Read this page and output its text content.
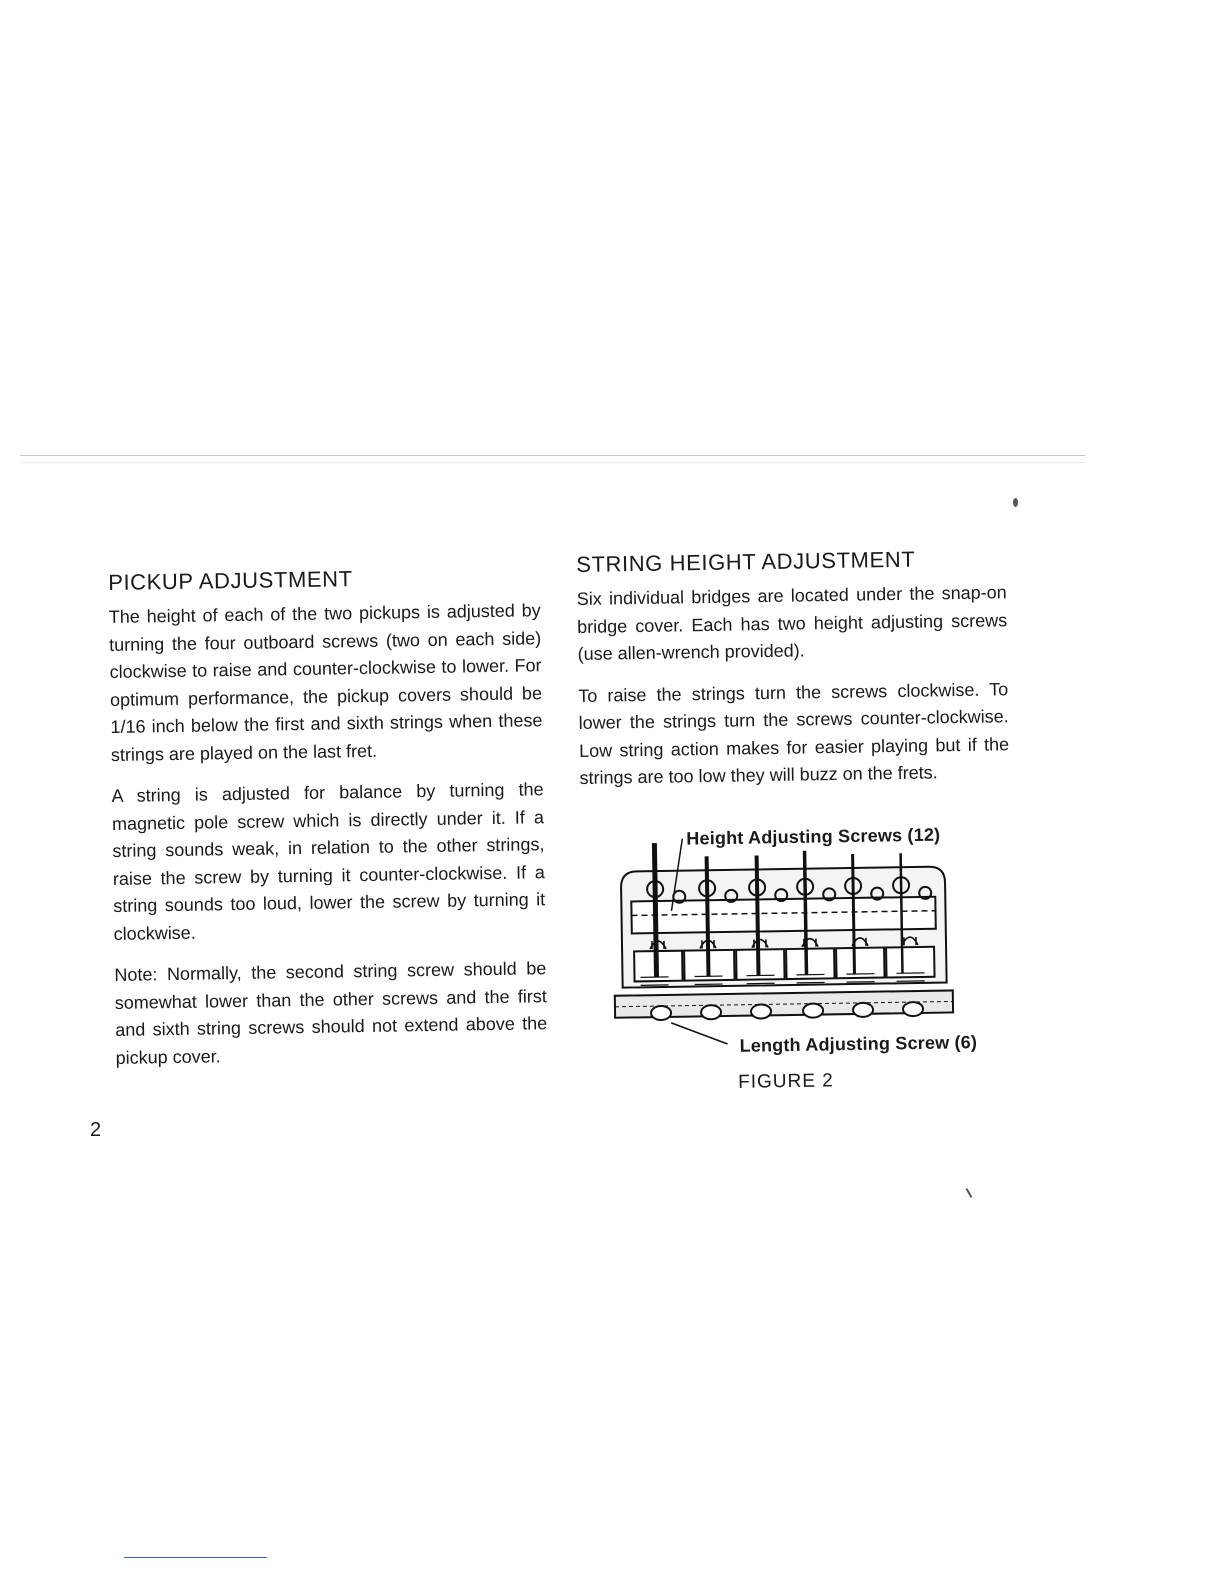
PICKUP ADJUSTMENT

The height of each of the two pickups is adjusted by turning the four outboard screws (two on each side) clockwise to raise and counter-clockwise to lower. For optimum performance, the pickup covers should be 1/16 inch below the first and sixth strings when these strings are played on the last fret.

A string is adjusted for balance by turning the magnetic pole screw which is directly under it. If a string sounds weak, in relation to the other strings, raise the screw by turning it counter-clockwise. If a string sounds too loud, lower the screw by turning it clockwise.

Note: Normally, the second string screw should be somewhat lower than the other screws and the first and sixth string screws should not extend above the pickup cover.

STRING HEIGHT ADJUSTMENT

Six individual bridges are located under the snap-on bridge cover. Each has two height adjusting screws (use allen-wrench provided).

To raise the strings turn the screws clockwise. To lower the strings turn the screws counter-clockwise. Low string action makes for easier playing but if the strings are too low they will buzz on the frets.

Height Adjusting Screws (12)
Length Adjusting Screw (6)
FIGURE 2
2
